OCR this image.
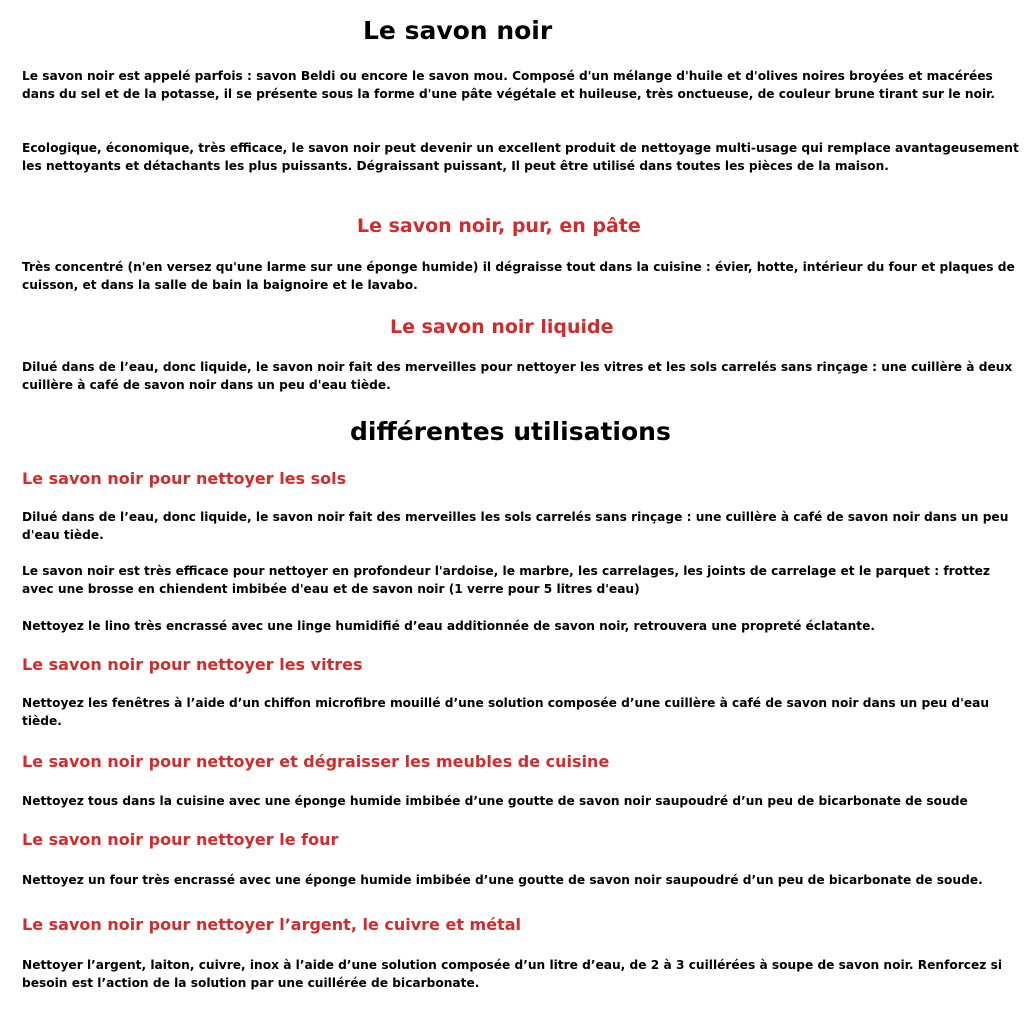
Le savon noir

Le savon noir est appelé parfois : savon Beldi ou encore le savon mou. Composé d'un mélange d'huile et d'olives noires broyées et macérées dans du sel et de la potasse, il se présente sous la forme d'une pâte végétale et huileuse, très onctueuse, de couleur brune tirant sur le noir.

Ecologique, économique, très efficace, le savon noir peut devenir un excellent produit de nettoyage multi-usage qui remplace avantageusement les nettoyants et détachants les plus puissants. Dégraissant puissant, Il peut être utilisé dans toutes les pièces de la maison.

Le savon noir, pur, en pâte

Très concentré (n'en versez qu'une larme sur une éponge humide) il dégraisse tout dans la cuisine : évier, hotte, intérieur du four et plaques de cuisson, et dans la salle de bain la baignoire et le lavabo.

Le savon noir liquide

Dilué dans de l’eau, donc liquide, le savon noir fait des merveilles pour nettoyer les vitres et les sols carrelés sans rinçage : une cuillère à deux cuillère à café de savon noir dans un peu d'eau tiède.

différentes utilisations
Le savon noir pour nettoyer les sols

Dilué dans de l’eau, donc liquide, le savon noir fait des merveilles les sols carrelés sans rinçage : une cuillère à café de savon noir dans un peu d'eau tiède.

Le savon noir est très efficace pour nettoyer en profondeur l'ardoise, le marbre, les carrelages, les joints de carrelage et le parquet : frottez avec une brosse en chiendent imbibée d'eau et de savon noir (1 verre pour 5 litres d'eau)

Nettoyez le lino très encrassé avec une linge humidifié d’eau additionnée de savon noir, retrouvera une propreté éclatante.

Le savon noir pour nettoyer les vitres

Nettoyez les fenêtres à l’aide d’un chiffon microfibre mouillé d’une solution composée d’une cuillère à café de savon noir dans un peu d'eau tiède.

Le savon noir pour nettoyer et dégraisser les meubles de cuisine

Nettoyez tous dans la cuisine avec une éponge humide imbibée d’une goutte de savon noir saupoudré d’un peu de bicarbonate de soude

Le savon noir pour nettoyer le four

Nettoyez un four très encrassé avec une éponge humide imbibée d’une goutte de savon noir saupoudré d’un peu de bicarbonate de soude.

Le savon noir pour nettoyer l’argent, le cuivre et métal

Nettoyer l’argent, laiton, cuivre, inox à l’aide d’une solution composée d’un litre d’eau, de 2 à 3 cuillérées à soupe de savon noir. Renforcez si besoin est l’action de la solution par une cuillérée de bicarbonate.
